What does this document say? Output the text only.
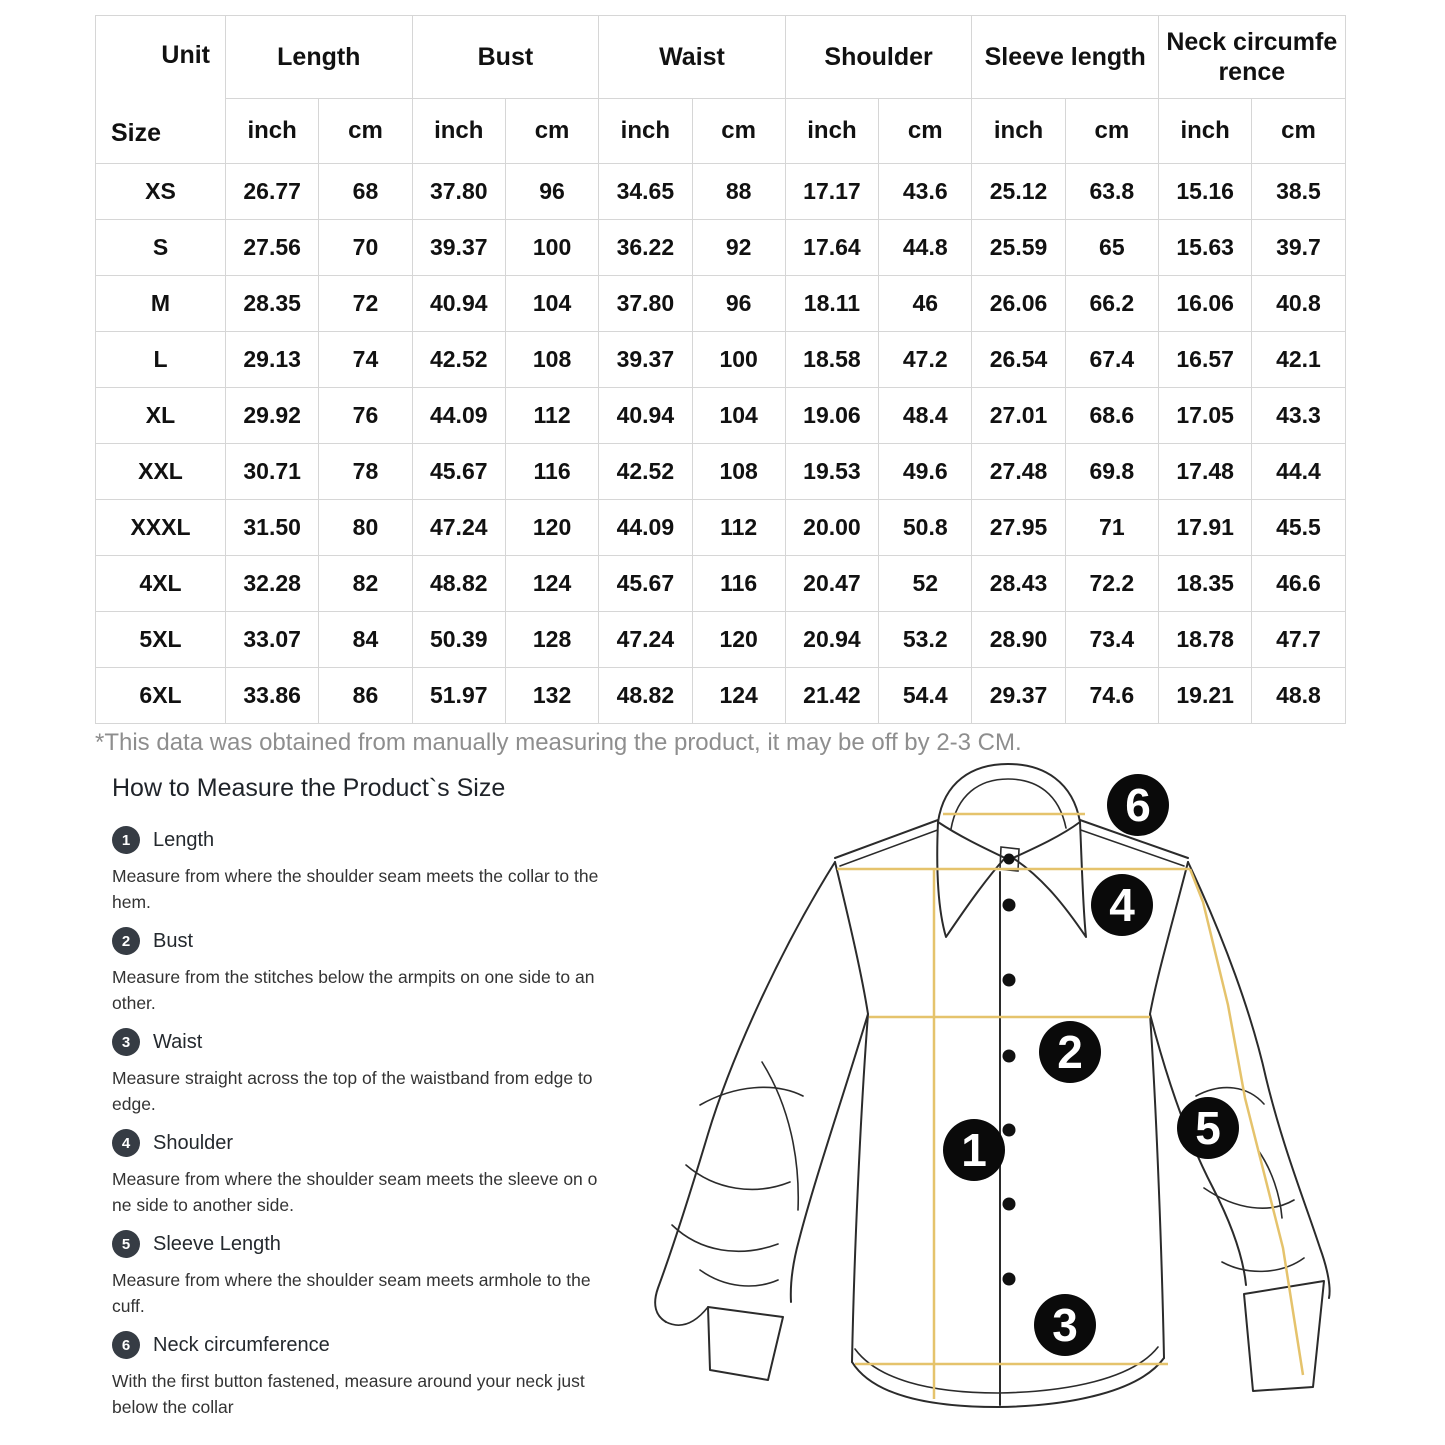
Unit
Size	Length		Bust		Waist		Shoulder		Sleeve length		Neck circumference	
	inch	cm	inch	cm	inch	cm	inch	cm	inch	cm	inch	cm
XS	26.77	68	37.80	96	34.65	88	17.17	43.6	25.12	63.8	15.16	38.5
S	27.56	70	39.37	100	36.22	92	17.64	44.8	25.59	65	15.63	39.7
M	28.35	72	40.94	104	37.80	96	18.11	46	26.06	66.2	16.06	40.8
L	29.13	74	42.52	108	39.37	100	18.58	47.2	26.54	67.4	16.57	42.1
XL	29.92	76	44.09	112	40.94	104	19.06	48.4	27.01	68.6	17.05	43.3
XXL	30.71	78	45.67	116	42.52	108	19.53	49.6	27.48	69.8	17.48	44.4
XXXL	31.50	80	47.24	120	44.09	112	20.00	50.8	27.95	71	17.91	45.5
4XL	32.28	82	48.82	124	45.67	116	20.47	52	28.43	72.2	18.35	46.6
5XL	33.07	84	50.39	128	47.24	120	20.94	53.2	28.90	73.4	18.78	47.7
6XL	33.86	86	51.97	132	48.82	124	21.42	54.4	29.37	74.6	19.21	48.8
*This data was obtained from manually measuring the product, it may be off by 2-3 CM.
How to Measure the Product`s Size
1	Length
Measure from where the shoulder seam meets the collar to the
hem.
2	Bust
Measure from the stitches below the armpits on one side to an
other.
3	Waist
Measure straight across the top of the waistband from edge to
edge.
4	Shoulder
Measure from where the shoulder seam meets the sleeve on o
ne side to another side.
5	Sleeve Length
Measure from where the shoulder seam meets armhole to the
cuff.
6	Neck circumference
With the first button fastened, measure around your neck just
below the collar
1
2
3
4
5
6
